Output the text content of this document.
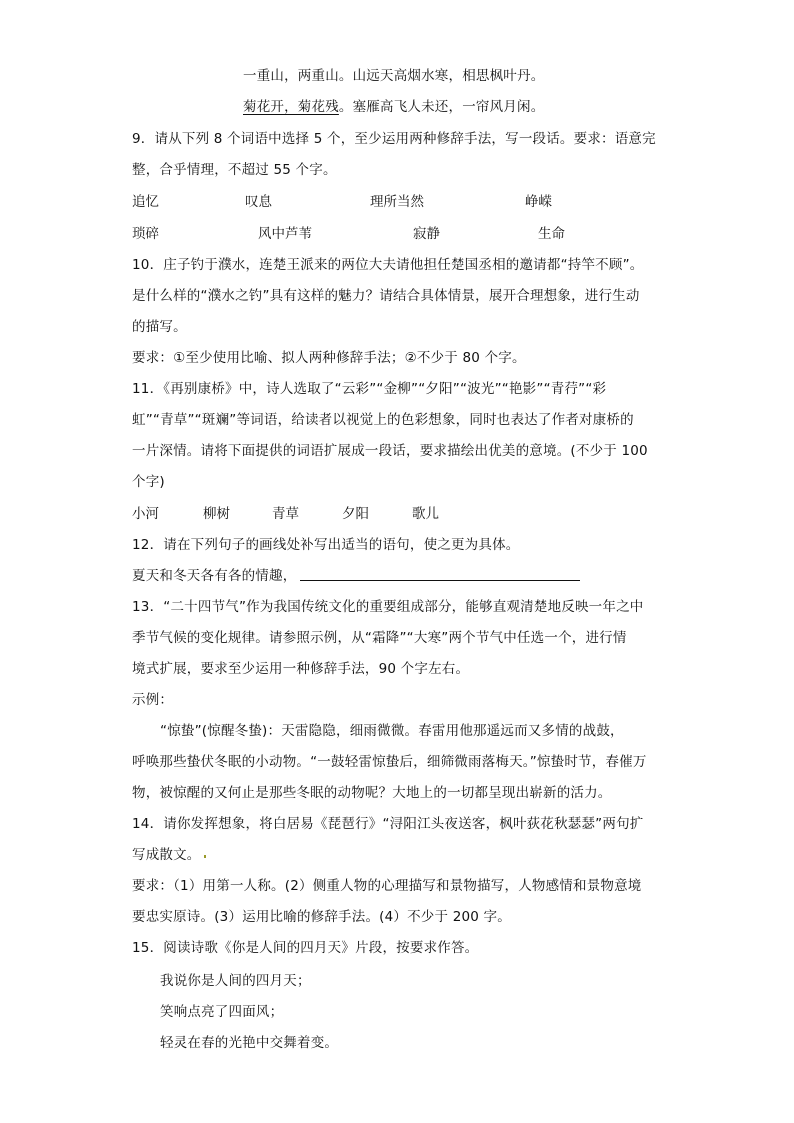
一重山，两重山。山远天高烟水寒，相思枫叶丹。
菊花开，菊花残。塞雁高飞人未还，一帘风月闲。
9．请从下列 8 个词语中选择 5 个，至少运用两种修辞手法，写一段话。要求：语意完
整，合乎情理，不超过 55 个字。
追忆	叹息	理所当然	峥嵘
琐碎	风中芦苇	寂静	生命
10．庄子钓于濮水，连楚王派来的两位大夫请他担任楚国丞相的邀请都“持竿不顾”。
是什么样的“濮水之钓”具有这样的魅力？请结合具体情景，展开合理想象，进行生动
的描写。
要求：①至少使用比喻、拟人两种修辞手法；②不少于 80 个字。
11．《再别康桥》中，诗人选取了“云彩”“金柳”“夕阳”“波光”“艳影”“青荇”“彩
虹”“青草”“斑斓”等词语，给读者以视觉上的色彩想象，同时也表达了作者对康桥的
一片深情。请将下面提供的词语扩展成一段话，要求描绘出优美的意境。(不少于 100
个字)
小河	柳树	青草	夕阳	歌儿
12．请在下列句子的画线处补写出适当的语句，使之更为具体。
夏天和冬天各有各的情趣，
13．“二十四节气”作为我国传统文化的重要组成部分，能够直观清楚地反映一年之中
季节气候的变化规律。请参照示例，从“霜降”“大寒”两个节气中任选一个，进行情
境式扩展，要求至少运用一种修辞手法，90 个字左右。
示例：
“惊蛰”(惊醒冬蛰)：天雷隐隐，细雨微微。春雷用他那遥远而又多情的战鼓，
呼唤那些蛰伏冬眠的小动物。“一鼓轻雷惊蛰后，细筛微雨落梅天。”惊蛰时节，春催万
物，被惊醒的又何止是那些冬眠的动物呢？大地上的一切都呈现出崭新的活力。
14．请你发挥想象，将白居易《琵琶行》“浔阳江头夜送客，枫叶荻花秋瑟瑟”两句扩
写成散文。
要求：（1）用第一人称。(2）侧重人物的心理描写和景物描写，人物感情和景物意境
要忠实原诗。(3）运用比喻的修辞手法。(4）不少于 200 字。
15．阅读诗歌《你是人间的四月天》片段，按要求作答。
我说你是人间的四月天；
笑响点亮了四面风；
轻灵在春的光艳中交舞着变。
